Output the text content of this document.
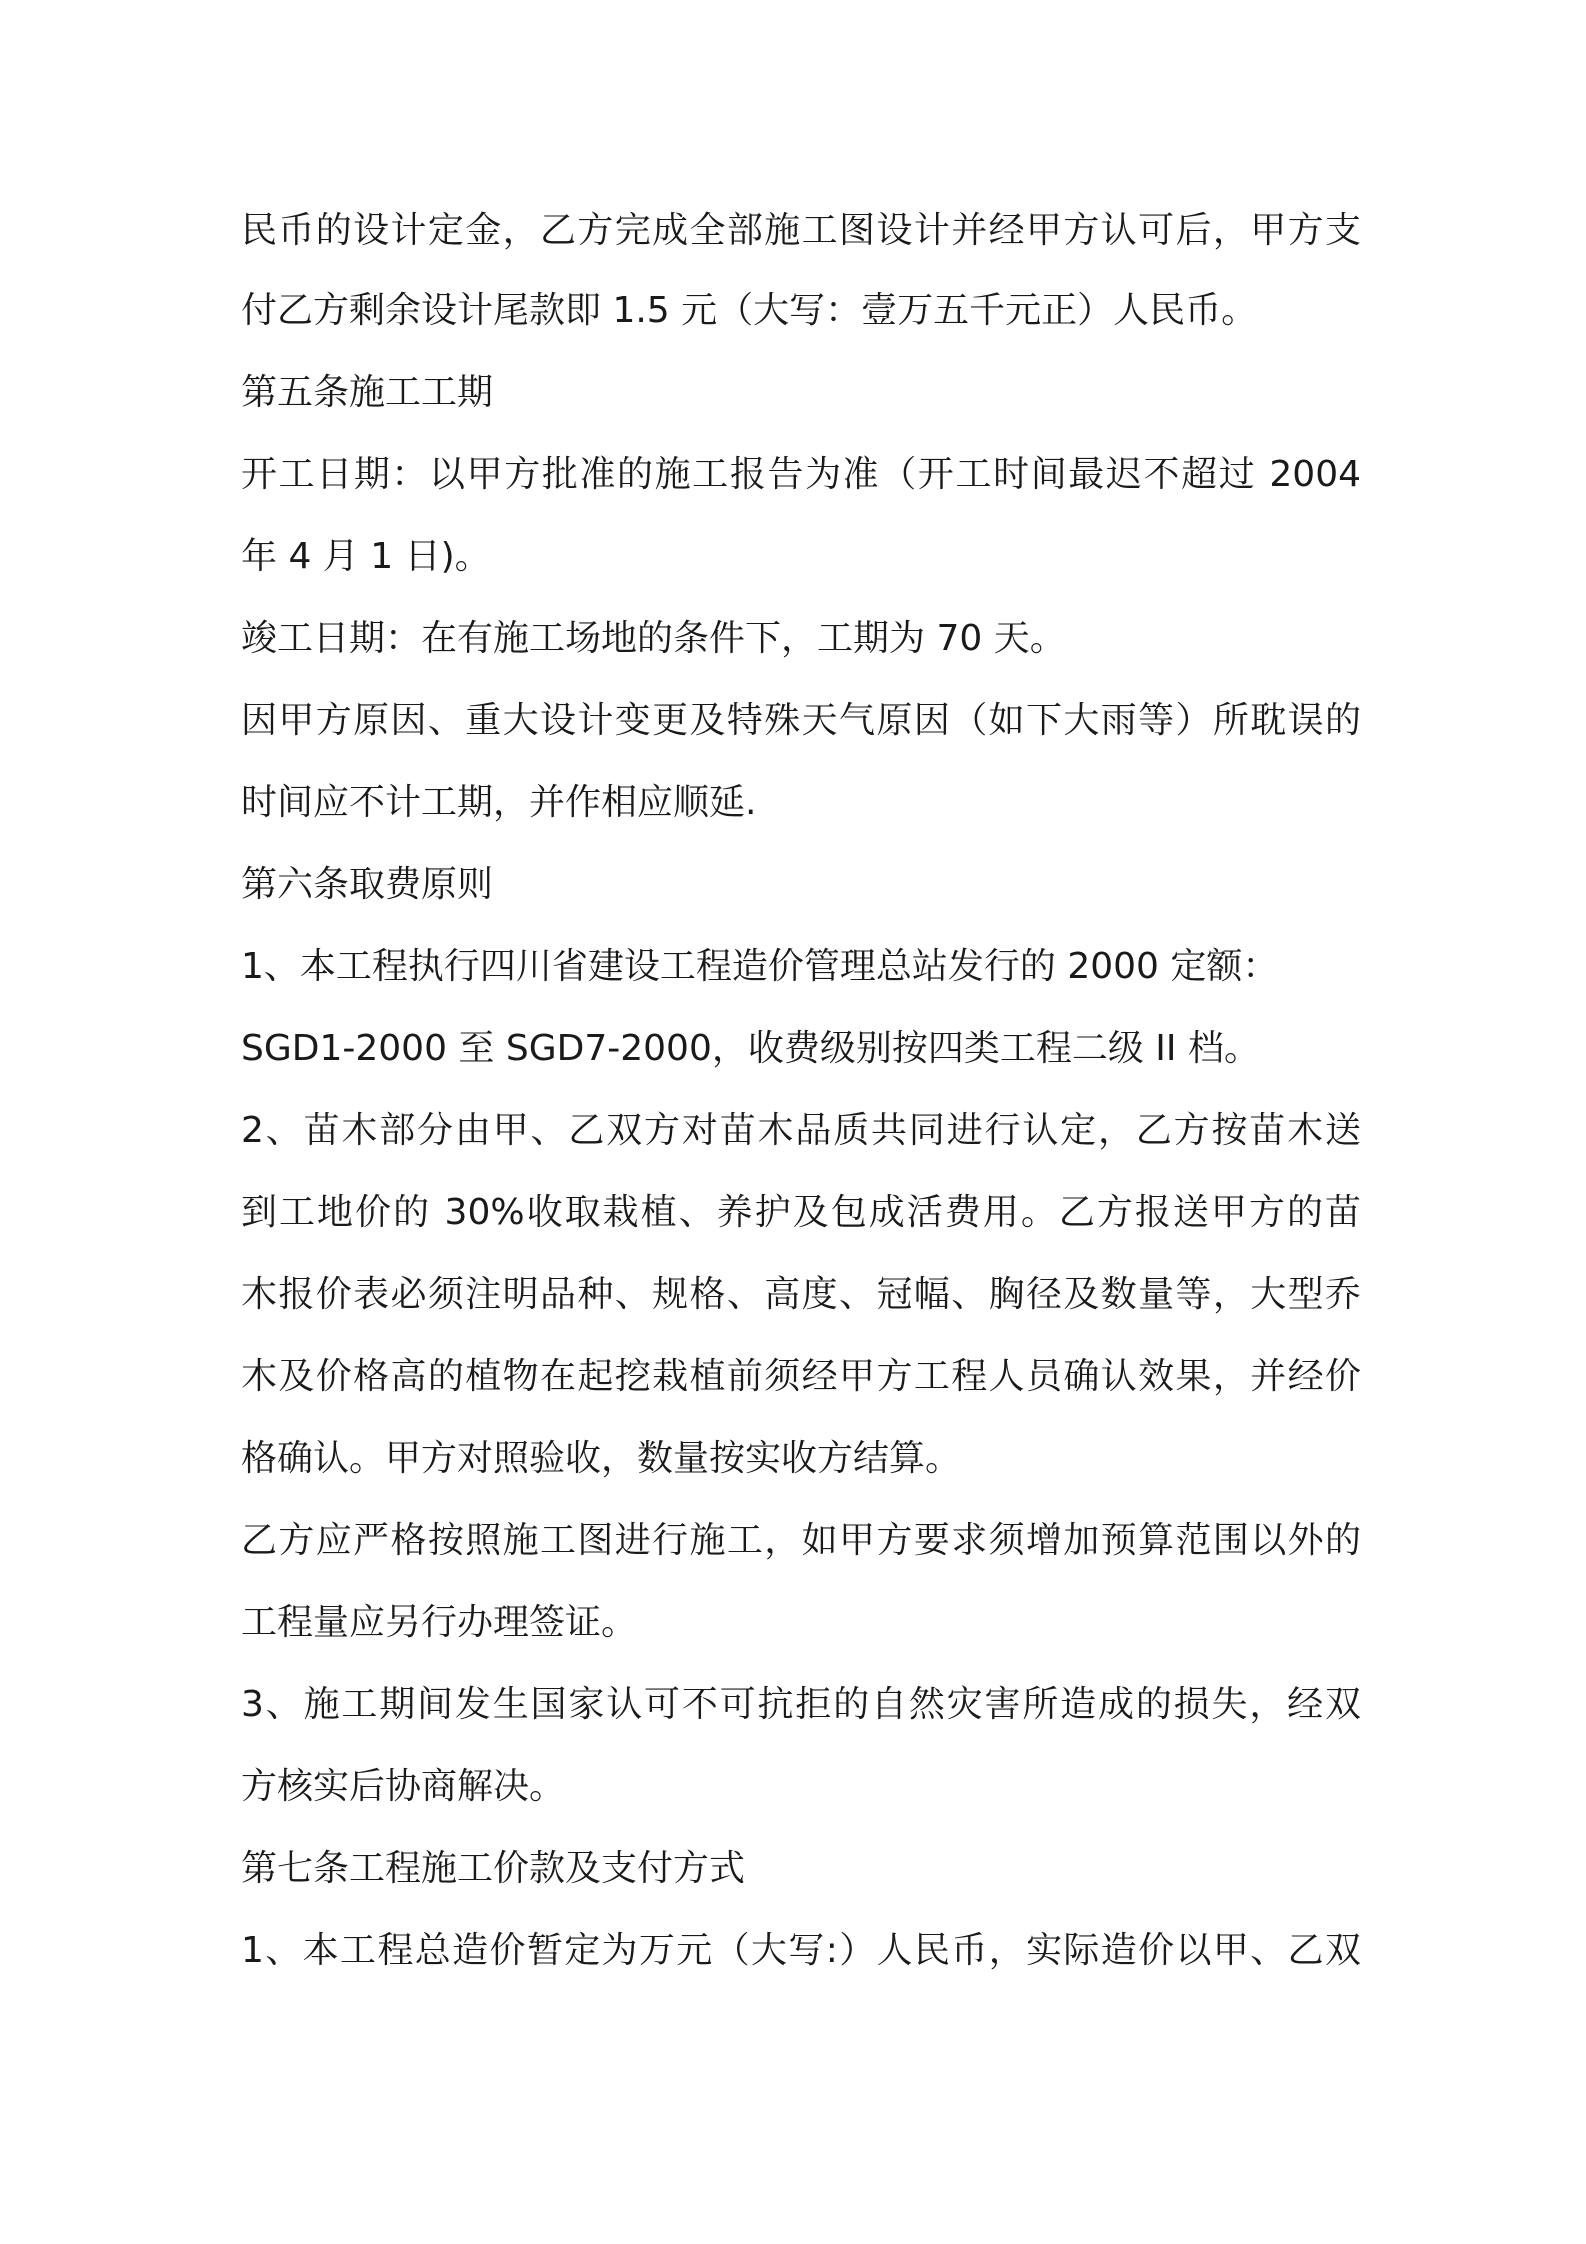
民币的设计定金，乙方完成全部施工图设计并经甲方认可后，甲方支
付乙方剩余设计尾款即 1.5 元（大写：壹万五千元正）人民币。
第五条施工工期
开工日期：以甲方批准的施工报告为准（开工时间最迟不超过 2004
年 4 月 1 日)。
竣工日期：在有施工场地的条件下，工期为 70 天。
因甲方原因、重大设计变更及特殊天气原因（如下大雨等）所耽误的
时间应不计工期，并作相应顺延.
第六条取费原则
1、本工程执行四川省建设工程造价管理总站发行的 2000 定额：
SGD1-2000 至 SGD7-2000，收费级别按四类工程二级 II 档。
2、苗木部分由甲、乙双方对苗木品质共同进行认定，乙方按苗木送
到工地价的 30%收取栽植、养护及包成活费用。乙方报送甲方的苗
木报价表必须注明品种、规格、高度、冠幅、胸径及数量等，大型乔
木及价格高的植物在起挖栽植前须经甲方工程人员确认效果，并经价
格确认。甲方对照验收，数量按实收方结算。
乙方应严格按照施工图进行施工，如甲方要求须增加预算范围以外的
工程量应另行办理签证。
3、施工期间发生国家认可不可抗拒的自然灾害所造成的损失，经双
方核实后协商解决。
第七条工程施工价款及支付方式
1、本工程总造价暂定为万元（大写:）人民币，实际造价以甲、乙双
